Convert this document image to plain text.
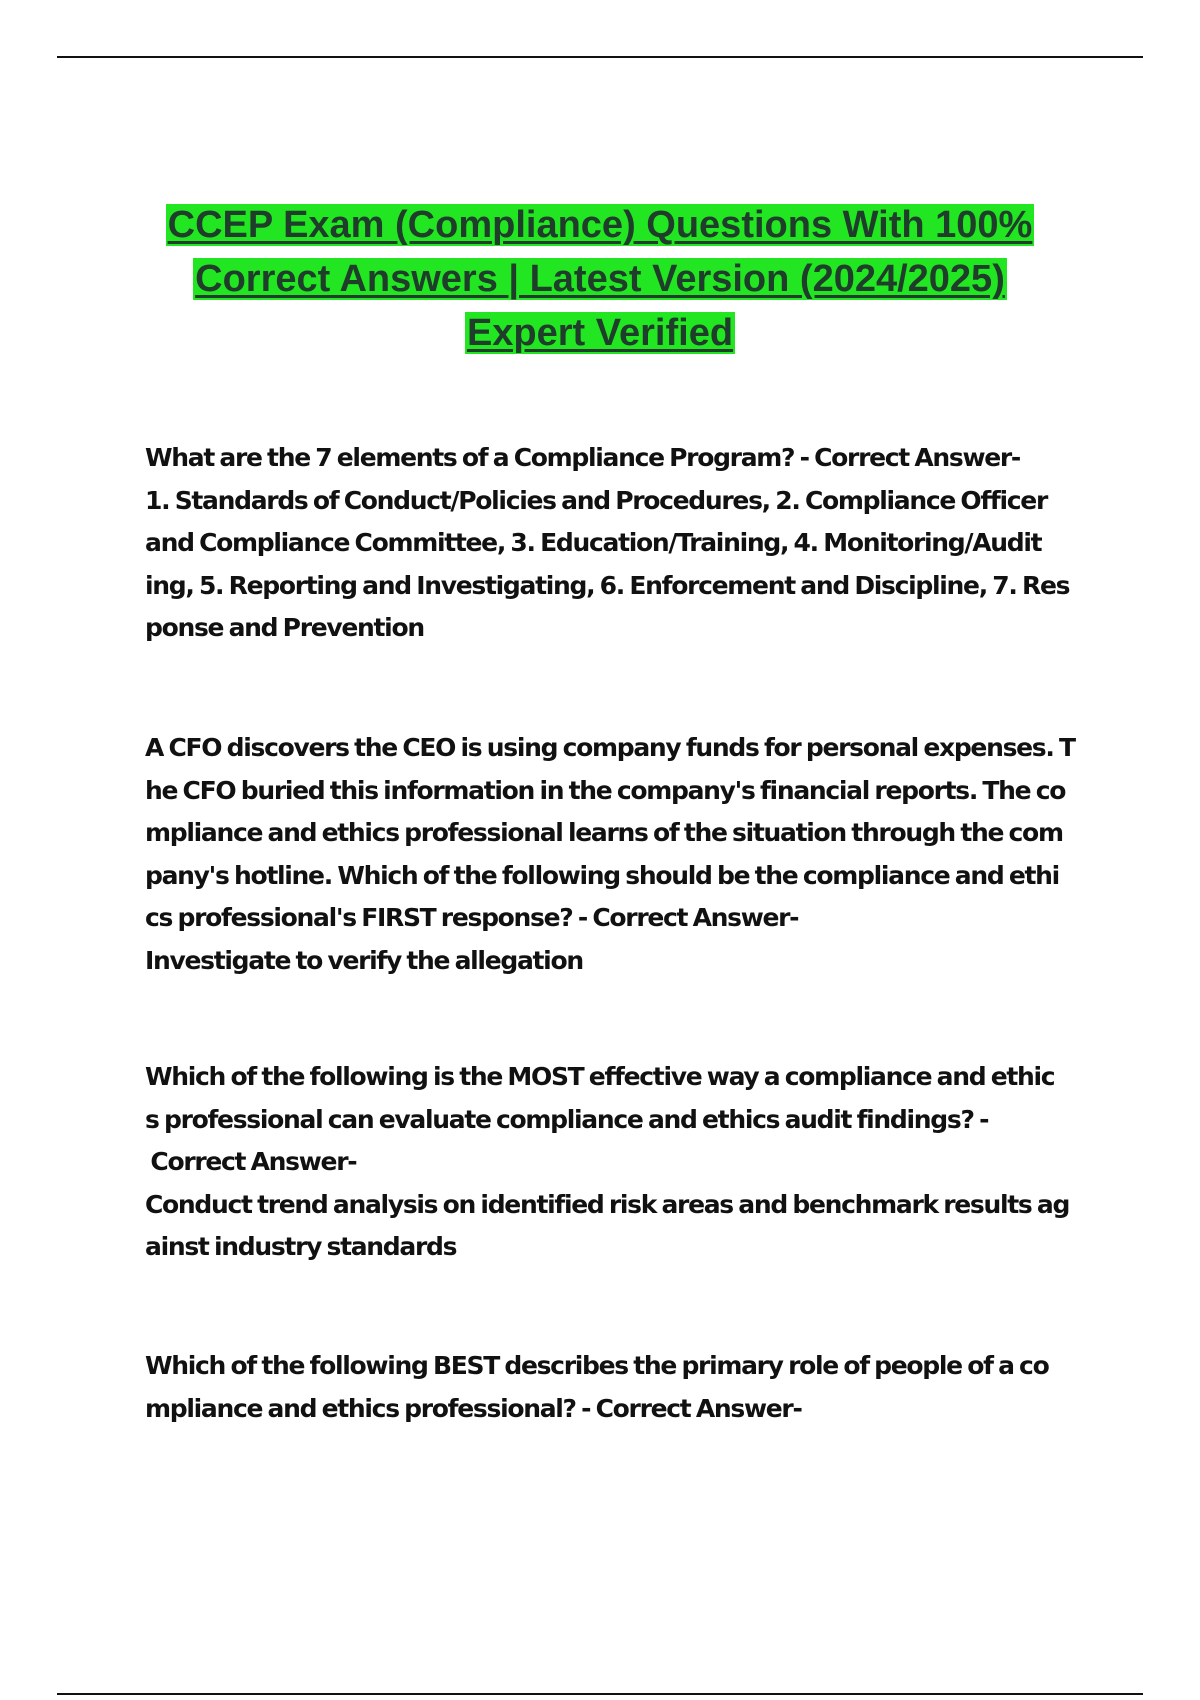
CCEP Exam (Compliance) Questions With 100%
Correct Answers | Latest Version (2024/2025)
Expert Verified
What are the 7 elements of a Compliance Program? - Correct Answer-
1. Standards of Conduct/Policies and Procedures, 2. Compliance Officer
and Compliance Committee, 3. Education/Training, 4. Monitoring/Audit
ing, 5. Reporting and Investigating, 6. Enforcement and Discipline, 7. Res
ponse and Prevention
A CFO discovers the CEO is using company funds for personal expenses. T
he CFO buried this information in the company's financial reports. The co
mpliance and ethics professional learns of the situation through the com
pany's hotline. Which of the following should be the compliance and ethi
cs professional's FIRST response? - Correct Answer-
Investigate to verify the allegation
Which of the following is the MOST effective way a compliance and ethic
s professional can evaluate compliance and ethics audit findings? -
Correct Answer-
Conduct trend analysis on identified risk areas and benchmark results ag
ainst industry standards
Which of the following BEST describes the primary role of people of a co
mpliance and ethics professional? - Correct Answer-
